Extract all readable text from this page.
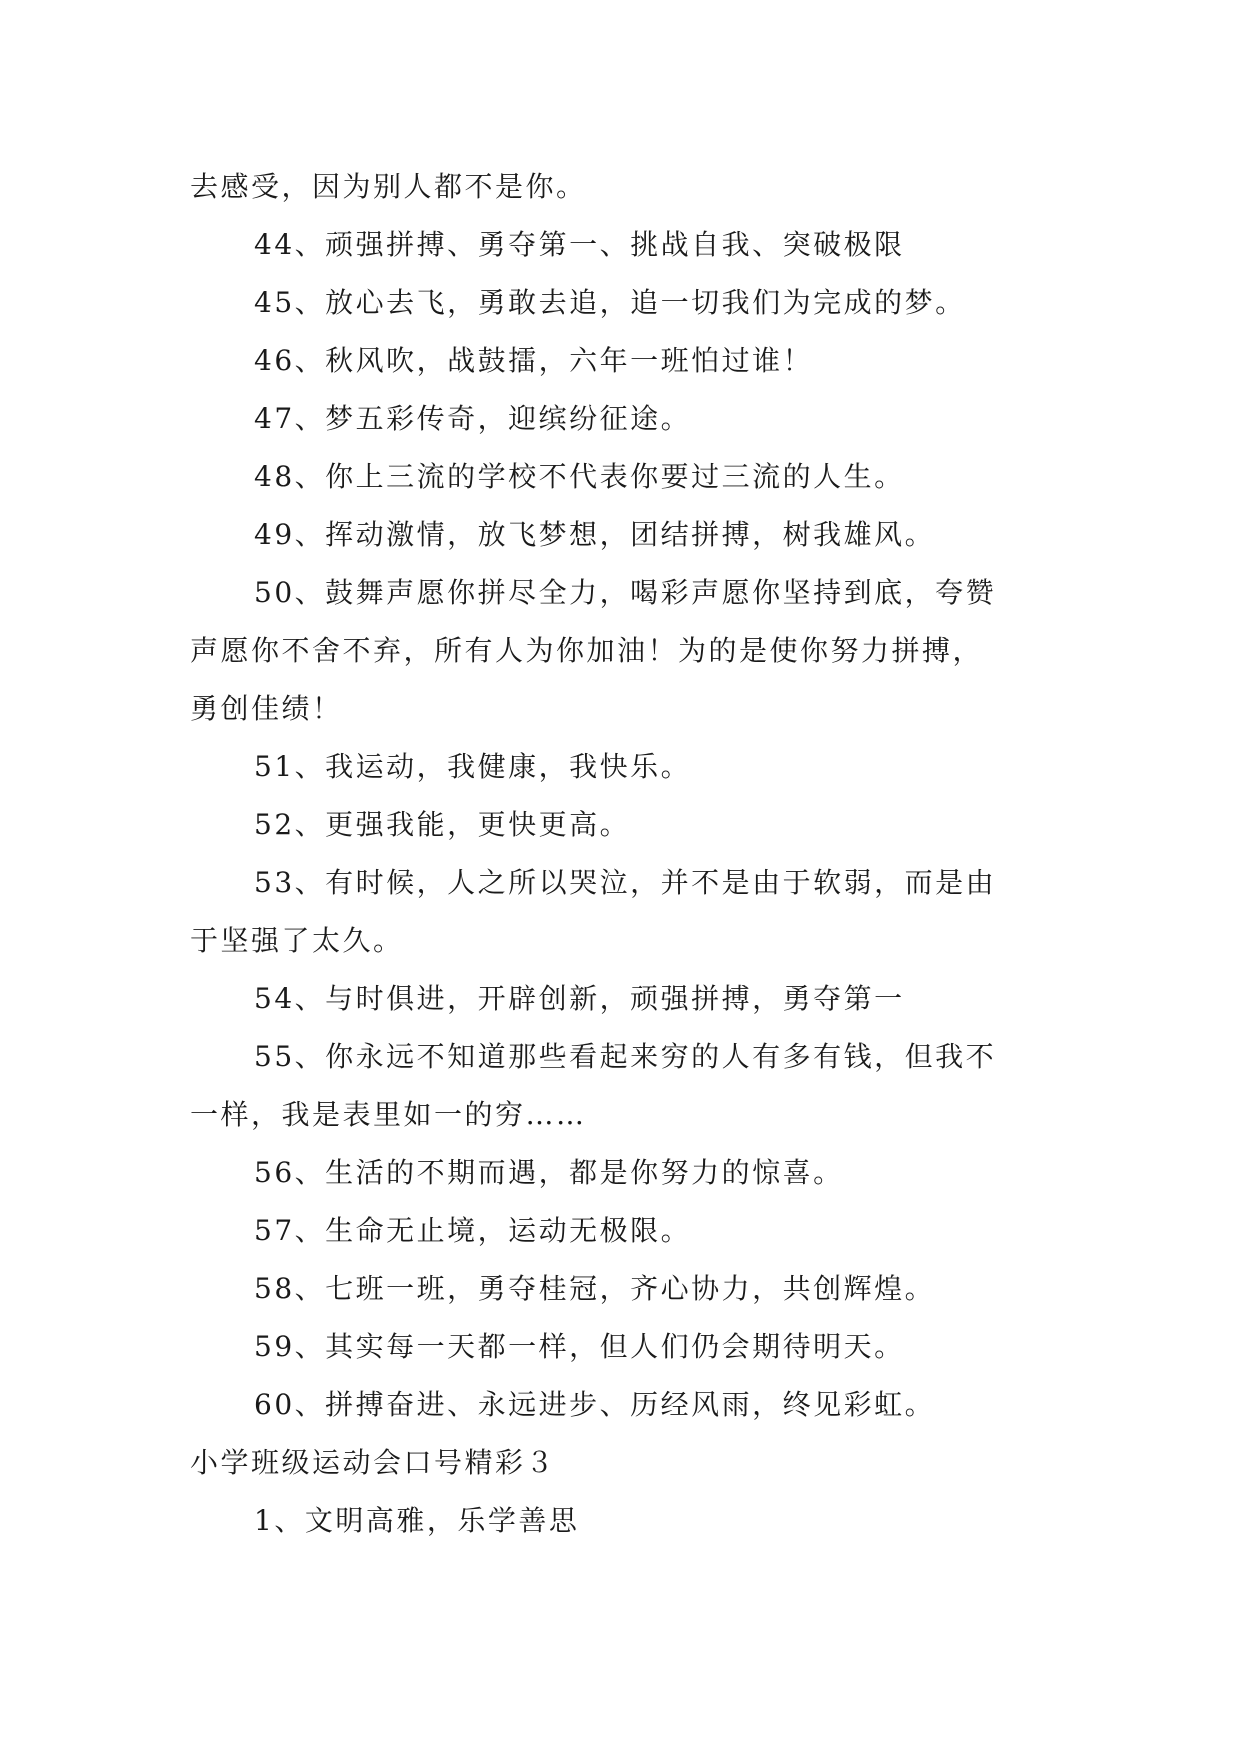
去感受，因为别人都不是你。
44、顽强拼搏、勇夺第一、挑战自我、突破极限
45、放心去飞，勇敢去追，追一切我们为完成的梦。
46、秋风吹，战鼓擂，六年一班怕过谁！
47、梦五彩传奇，迎缤纷征途。
48、你上三流的学校不代表你要过三流的人生。
49、挥动激情，放飞梦想，团结拼搏，树我雄风。
50、鼓舞声愿你拼尽全力，喝彩声愿你坚持到底，夸赞
声愿你不舍不弃，所有人为你加油！为的是使你努力拼搏，
勇创佳绩！
51、我运动，我健康，我快乐。
52、更强我能，更快更高。
53、有时候，人之所以哭泣，并不是由于软弱，而是由
于坚强了太久。
54、与时俱进，开辟创新，顽强拼搏，勇夺第一
55、你永远不知道那些看起来穷的人有多有钱，但我不
一样，我是表里如一的穷……
56、生活的不期而遇，都是你努力的惊喜。
57、生命无止境，运动无极限。
58、七班一班，勇夺桂冠，齐心协力，共创辉煌。
59、其实每一天都一样，但人们仍会期待明天。
60、拼搏奋进、永远进步、历经风雨，终见彩虹。
小学班级运动会口号精彩３
1、文明高雅，乐学善思
